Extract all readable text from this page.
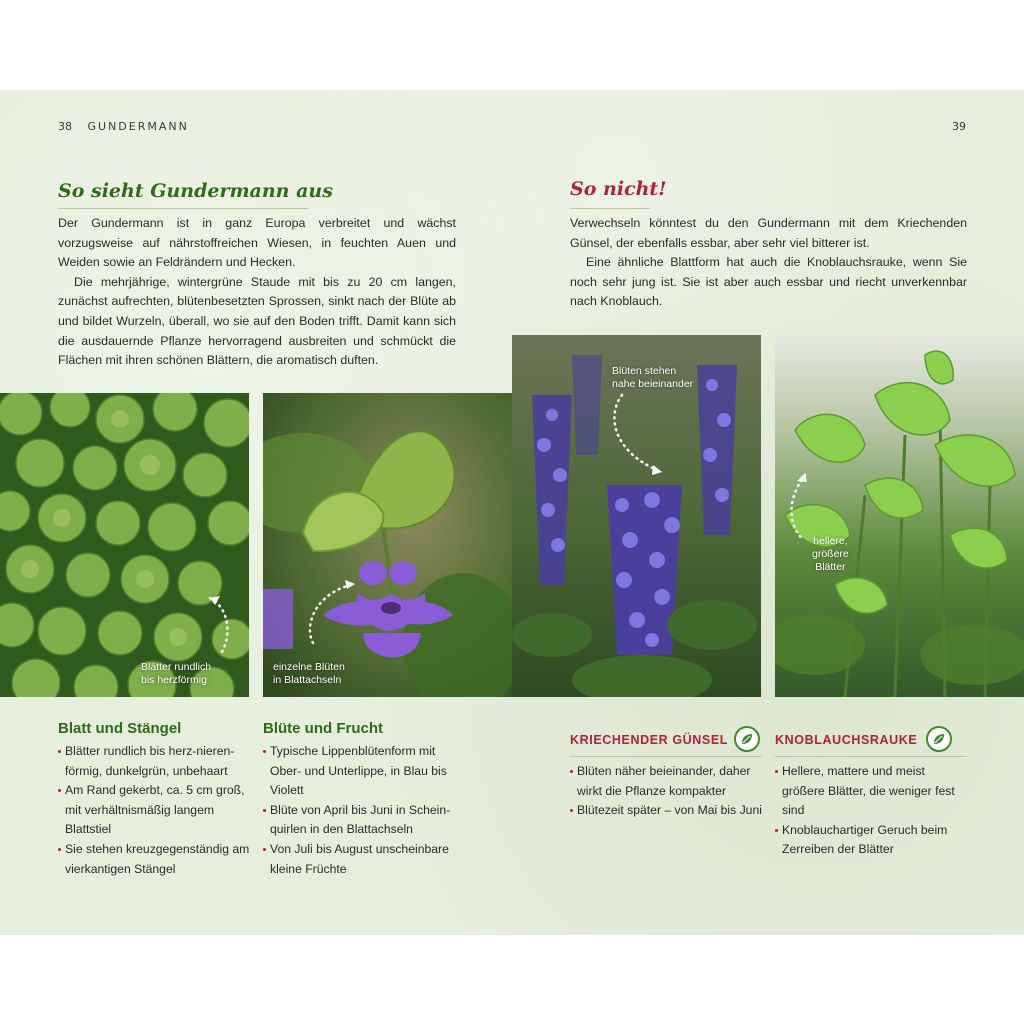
38 GUNDERMANN	39
So sieht Gundermann aus

Der Gundermann ist in ganz Europa verbreitet und wächst vorzugsweise auf nährstoffreichen Wiesen, in feuchten Auen und Weiden sowie an Feldrändern und Hecken.

Die mehrjährige, wintergrüne Staude mit bis zu 20 cm langen, zunächst aufrechten, blütenbesetzten Sprossen, sinkt nach der Blüte ab und bildet Wurzeln, überall, wo sie auf den Boden trifft. Damit kann sich die ausdauernde Pflanze hervorragend ausbreiten und schmückt die Flächen mit ihren schönen Blättern, die aromatisch duften.

So nicht!

Verwechseln könntest du den Gundermann mit dem Kriechenden Günsel, der ebenfalls essbar, aber sehr viel bitterer ist.

Eine ähnliche Blattform hat auch die Knoblauchsrauke, wenn Sie noch sehr jung ist. Sie ist aber auch essbar und riecht unverkennbar nach Knoblauch.

Blätter rundlich
bis herzförmig
einzelne Blüten
in Blattachseln
Blüten stehen
nahe beieinander
hellere,
größere
Blätter
Blatt und Stängel
Blätter rundlich bis herz-nieren-förmig, dunkelgrün, unbehaart
Am Rand gekerbt, ca. 5 cm groß, mit verhältnismäßig langem Blattstiel
Sie stehen kreuzgegenständig am vierkantigen Stängel
Blüte und Frucht
Typische Lippenblütenform mit Ober- und Unterlippe, in Blau bis Violett
Blüte von April bis Juni in Schein-quirlen in den Blattachseln
Von Juli bis August unscheinbare kleine Früchte
KRIECHENDER GÜNSEL
Blüten näher beieinander, daher wirkt die Pflanze kompakter
Blütezeit später – von Mai bis Juni
KNOBLAUCHSRAUKE
Hellere, mattere und meist größere Blätter, die weniger fest sind
Knoblauchartiger Geruch beim Zerreiben der Blätter
